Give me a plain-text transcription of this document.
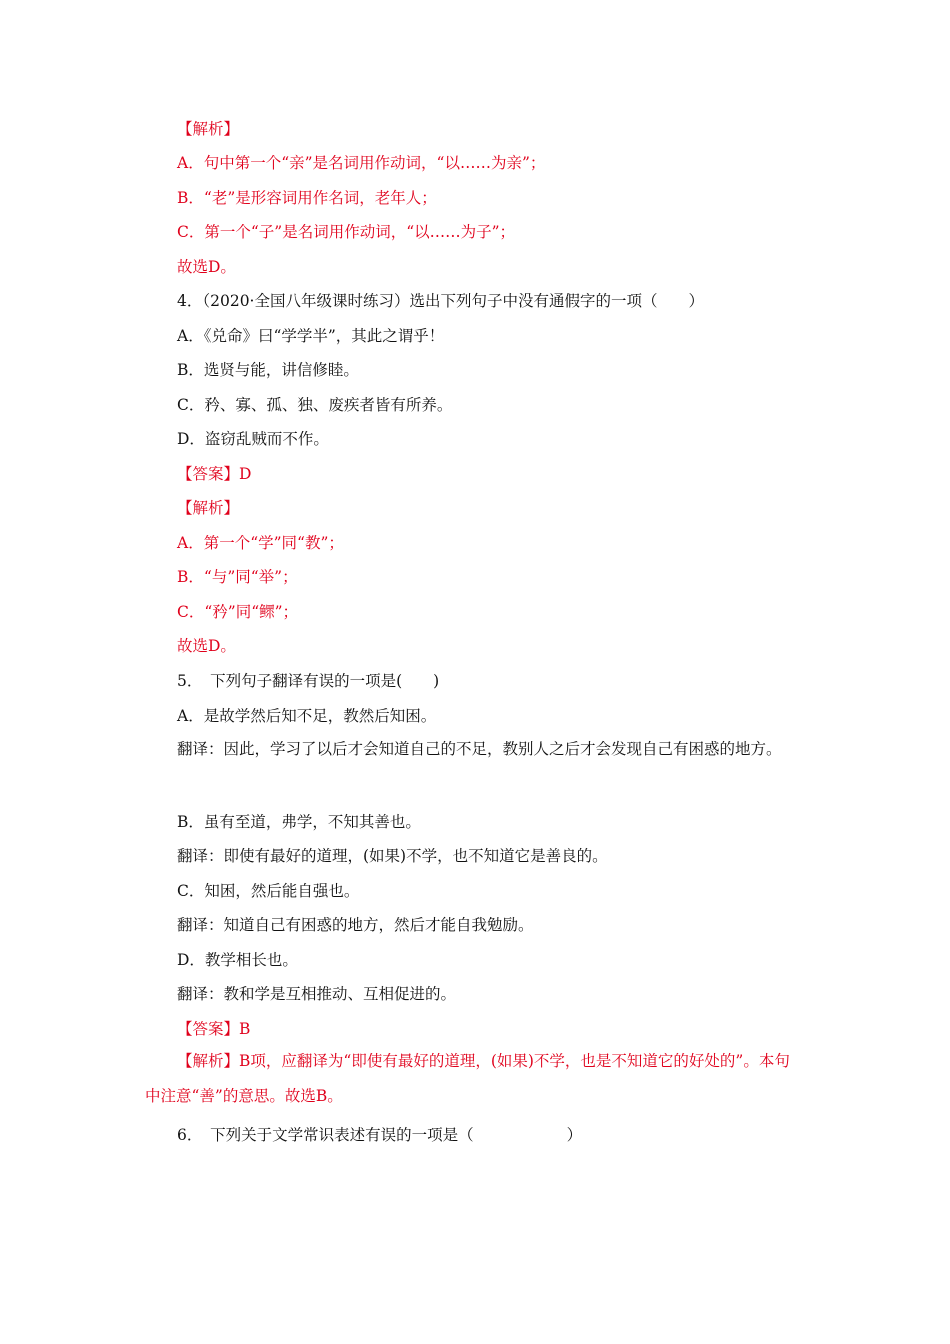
【解析】
A．句中第一个“亲”是名词用作动词，“以……为亲”；
B．“老”是形容词用作名词，老年人；
C．第一个“子”是名词用作动词，“以……为子”；
故选D。
4．（2020·全国八年级课时练习）选出下列句子中没有通假字的一项（　　）
A．《兑命》曰“学学半”，其此之谓乎！
B．选贤与能，讲信修睦。
C．矜、寡、孤、独、废疾者皆有所养。
D．盗窃乱贼而不作。
【答案】D
【解析】
A．第一个“学”同“教”；
B．“与”同“举”；
C．“矜”同“鳏”；
故选D。
5．　下列句子翻译有误的一项是(　　)
A．是故学然后知不足，教然后知困。
翻译：因此，学习了以后才会知道自己的不足，教别人之后才会发现自己有困惑的地方。
B．虽有至道，弗学，不知其善也。
翻译：即使有最好的道理，(如果)不学，也不知道它是善良的。
C．知困，然后能自强也。
翻译：知道自己有困惑的地方，然后才能自我勉励。
D．教学相长也。
翻译：教和学是互相推动、互相促进的。
【答案】B
【解析】B项，应翻译为“即使有最好的道理，(如果)不学，也是不知道它的好处的”。本句中注意“善”的意思。故选B。
6．　下列关于文学常识表述有误的一项是（　　　　　　）
